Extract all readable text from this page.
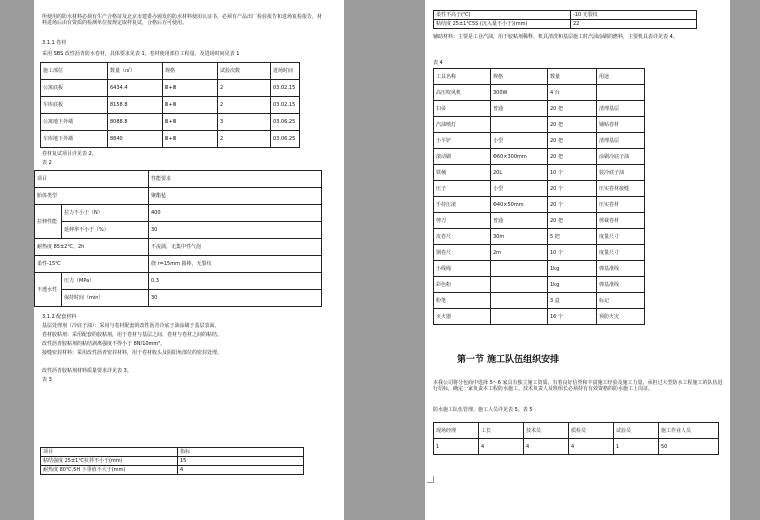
所使用的防水材料必须有生产合格证及北京市建委办颁发的防水材料使用认证书，必须有产品出厂检验报告和进场复检报告，材料进场后由有资质的检测单位按规定取样复试，合格后方可使用。
3.1.1 卷材
采用 SBS 改性沥青防水卷材，具体要求见表 1，卷材使用部位工程量、及进场时间见表 1
施工部位	数量（㎡）	规格	试验次数	进场时间
公寓底板	6434.4	Ⅲ+Ⅲ	2	03.02.15
车库底板	8158.8	Ⅲ+Ⅲ	2	03.02.15
公寓地下外墙	8088.8	Ⅲ+Ⅲ	3	03.06.25
车库地下外墙	8840	Ⅲ+Ⅲ	2	03.06.25
卷材复试项目详见表 2。
表 2
项目		性能要求
胎体类型		聚酯毡
拉伸性能	拉力不小于（N）	400
	延伸率不小于（%）	30
耐热度 85±2℃，2h		不流淌，无集中性气泡
柔性-15℃		绕 r=15mm 圆棒，无裂纹
不透水性	压力（MPa）	0.3
	保持时间（min）	30
3.1.2 配套材料
基层处理剂（冷底子油）：采用与卷材配套的改性沥青冷底子油涂刷于基层表面。
卷材胶粘剂：采用配套的胶粘剂，用于卷材与基层之间、卷材与卷材之间的粘结。
改性沥青胶粘剂的粘结剥离强度不得小于 8N/10mm²。
接缝密封材料：采用改性沥青密封材料，用于卷材收头及阴阳角部位的密封处理。
改性沥青胶粘剂材料质量要求详见表 3。
表 3
项目	指标
粘结强度 25±1℃抗拌不小于(mm)	15
耐热度 80℃,5H 下垂值不大于(mm)	4
柔性不高于(℃)	-10 无裂纹
粘结度 25±1℃5S (沉入量不小于)(mm)	22
辅助材料：主要是工业汽油，用于胶粘剂稀释、机具清洗和基层施工时汽油涂刷的燃料，主要机具表详见表 4。
表 4
工具名称	规格	数量	用途
高压吹风机	300W	4 台	
扫帚	普通	20 把	清理基层
汽油喷灯		20 把	铺贴卷材
小平铲	小型	20 把	清理基层
滚动刷	Φ60×300mm	20 把	涂刷冷底子油
铁桶	20L	10 个	装冷底子油
压子	小型	20 个	压实卷材接缝
手持压滚	Φ40×50mm	20 个	压实卷材
剪刀	普通	20 把	剪裁卷材
皮卷尺	30m	5 把	度量尺寸
钢卷尺	2m	10 个	度量尺寸
小线绳		1kg	弹基准线
彩色粉		1kg	弹基准线
粉笔		3 盒	标记
灭火器		16 个	预防火灾
第一节 施工队伍组织安排
本我公司将分包商中选择 5～6 家具有独立施工资质、有着良好信誉和丰富施工经验及施工力量、承担过大型防水工程施工的队伍进行招标，确定一家负责本工程防水施工。技术负责人及班组长必须持有有效资格的防水施工上岗证。
防水施工队伍管理、施工人员详见表 5。表 5
现场经理	工长	技术员	质检员	试验员	施工作业人员
1	4	4	4	1	50
